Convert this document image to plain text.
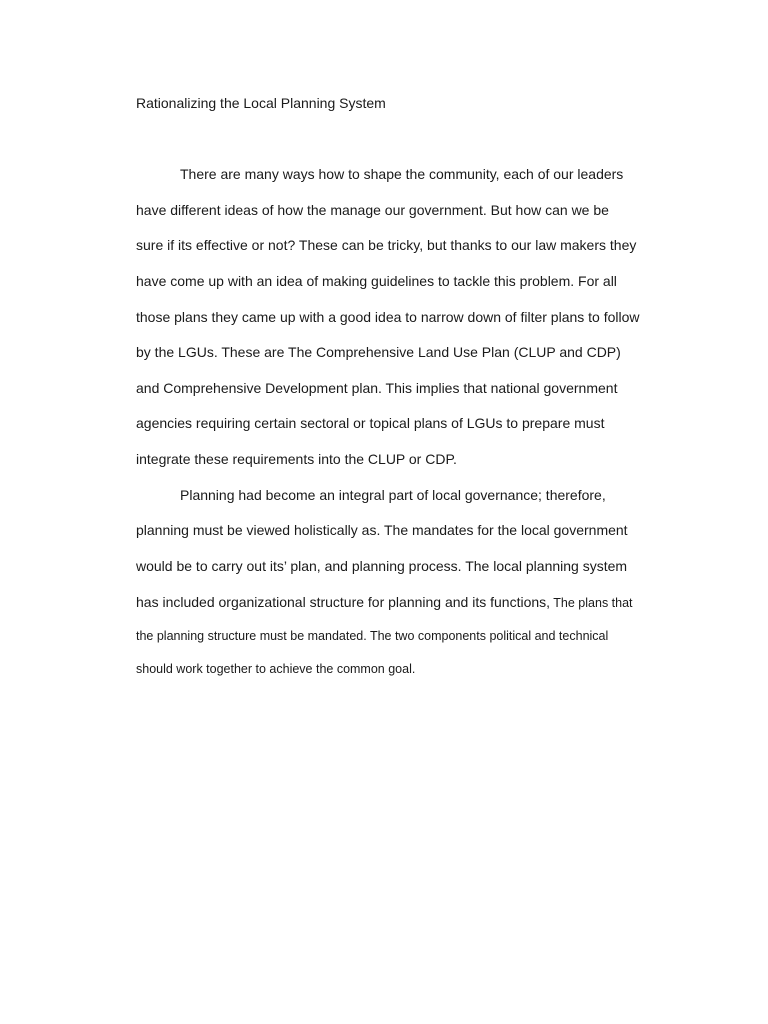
Rationalizing the Local Planning System
There are many ways how to shape the community, each of our leaders
have different ideas of how the manage our government. But how can we be
sure if its effective or not? These can be tricky, but thanks to our law makers they
have come up with an idea of making guidelines to tackle this problem. For all
those plans they came up with a good idea to narrow down of filter plans to follow
by the LGUs. These are The Comprehensive Land Use Plan (CLUP and CDP)
and Comprehensive Development plan. This implies that national government
agencies requiring certain sectoral or topical plans of LGUs to prepare must
integrate these requirements into the CLUP or CDP.
Planning had become an integral part of local governance; therefore,
planning must be viewed holistically as. The mandates for the local government
would be to carry out its’ plan, and planning process. The local planning system
has included organizational structure for planning and its functions, The plans that
the planning structure must be mandated. The two components political and technical
should work together to achieve the common goal.
